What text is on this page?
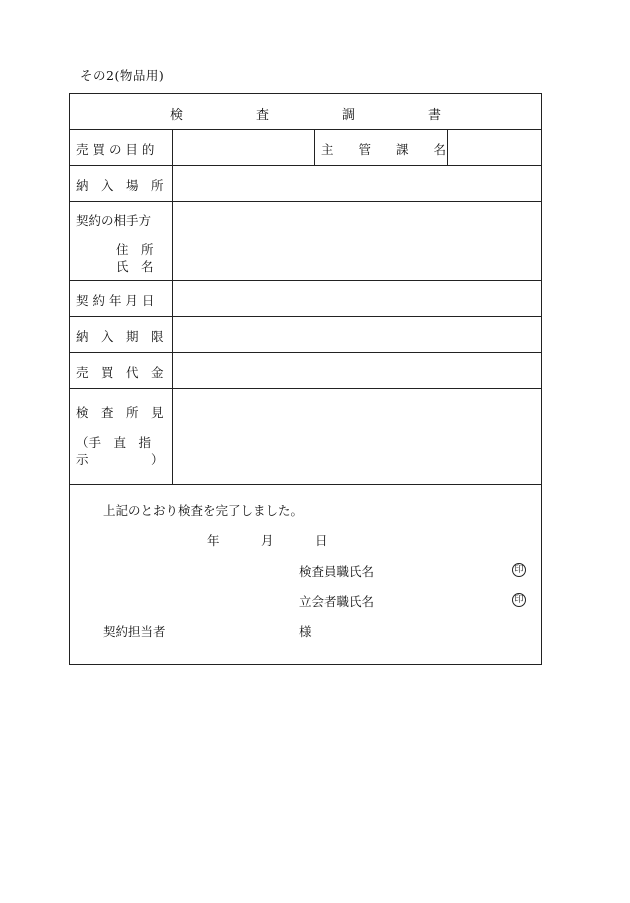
その2(物品用)
検　査　調　書
売 買 の 目 的	主　　管　　課　　名
納　入　場　所
契約の相手方
住　所
氏　名
契 約 年 月 日
納　入　期　限
売　買　代　金
検　査　所　見
（手　直　指
示　　　　　）
上記のとおり検査を完了しました。
年	月	日
検査員職氏名	印
立会者職氏名	印
契約担当者	様
